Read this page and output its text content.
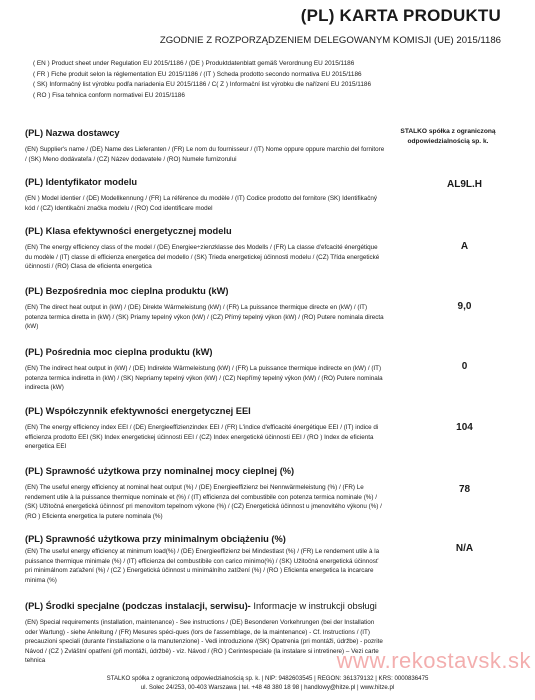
(PL) KARTA PRODUKTU
ZGODNIE Z ROZPORZĄDZENIEM DELEGOWANYM KOMISJI (UE) 2015/1186
( EN ) Product sheet under Regulation EU 2015/1186 / (DE ) Produktdatenblatt gemäß Verordnung EU 2015/1186
( FR ) Fiche produit selon la réglementation EU 2015/1186 / (IT ) Scheda prodotto secondo normativa EU 2015/1186
( SK) Informačný list výrobku podľa nariadenia EU 2015/1186 / C( Z ) Informační list výrobku dle nařízení EU 2015/1186
( RO ) Fisa tehnica conform normativei EU 2015/1186
STALKO spółka z ograniczoną odpowiedzialnością sp. k.
(PL) Nazwa dostawcy

(EN) Supplier's name / (DE) Name des Lieferanten / (FR) Le nom du fournisseur / (IT) Nome oppure oppure marchio del fornitore / (SK) Meno dodávateľa / (CZ) Název dodavatele / (RO) Numele furnizorului

(PL) Identyfikator modelu

(EN ) Model identier / (DE) Modellkennung / (FR) La référence du modèle / (IT) Codice prodotto del fornitore (SK) Identifikačný kód / (CZ) Identikační značka modelu / (RO) Cod identificare model

AL9L.H
(PL) Klasa efektywności energetycznej modelu

(EN) The energy efficiency class of the model / (DE) Energiee÷zienzklasse des Modells / (FR) La classe d'efcacité énergétique du modèle / (IT) classe di efficienza energetica del modello / (SK) Trieda energetickej účinnosti modelu / (CZ) Třída energetické účinnosti / (RO) Clasa de eficienta energetica

A
(PL) Bezpośrednia moc cieplna produktu (kW)

(EN) The direct heat output in (kW) / (DE) Direkte Wärmeleistung (kW) / (FR) La puissance thermique directe en (kW) / (IT) potenza termica diretta in (kW) / (SK) Priamy tepelný výkon (kW) / (CZ) Přímý tepelný výkon (kW) / (RO) Putere nominala directa (kW)

9,0
(PL) Pośrednia moc cieplna produktu (kW)

(EN) The indirect heat output in (kW) / (DE) Indirekte Wärmeleistung (kW) / (FR) La puissance thermique indirecte en (kW) / (IT) potenza termica indiretta in (kW) / (SK) Nepriamy tepelný výkon (kW) / (CZ) Nepřímý tepelný výkon (kW) / (RO) Putere nominala indirecta (kW)

0
(PL) Współczynnik efektywności energetycznej EEI

(EN) The energy efficiency index EEI / (DE) Energieeffizienzindex EEI / (FR) L'indice d'efficacité énergétique EEI / (IT) indice di efficienza prodotto EEI (SK) Index energetickej účinnosti EEI / (CZ) Index energetické účinnosti EEI / (RO ) Index de eficienta energetica EEI

104
(PL) Sprawność użytkowa przy nominalnej mocy cieplnej (%)

(EN) The useful energy efficiency at nominal heat output (%) / (DE) Energieeffizienz bei Nennwärmeleistung (%) / (FR) Le rendement utile à la puissance thermique nominale et (%) / (IT) efficienza del combustibile con potenza termica nominale (%) / (SK) Užitočná energetická účinnosť pri menovitom tepelnom výkone (%) / (CZ) Energetická účinnost u jmenovitého výkonu (%) / (RO ) Eficienta energetica la putere nominala (%)

78
(PL) Sprawność użytkowa przy minimalnym obciążeniu (%)

(EN) The useful energy efficiency at minimum load(%) / (DE) Energieeffizienz bei Mindestlast (%) / (FR) Le rendement utile à la puissance thermique minimale (%) / (IT) efficienza del combustibile con carico minimo(%) / (SK) Užitočná energetická účinnosť pri minimálnom zaťažení (%) / (CZ ) Energetická účinnost u minimálního zatížení (%) / (RO ) Eficienta energetica la incarcare minima (%)

N/A
(PL) Środki specjalne (podczas instalacji, serwisu)- Informacje w instrukcji obsługi

(EN) Special requirements (installation, maintenance) - See instructions / (DE) Besonderen Vorkehrungen (bei der Installation oder Wartung) - siehe Anleitung / (FR) Mesures spéci-ques (lors de l'assemblage, de la maintenance) - Cf. Instructions / (IT) precauzioni speciali (durante l'installazione o la manutenzione) - Vedi introduzione /(SK) Opatrenia (pri montáži, údržbe) - pozrite Návod / (CZ ) Zvláštní opatření (při montáži, údržbě) - viz. Návod / (RO ) Cerintespeciale (la instalare si intretinere) – Vezi carte tehnica	www.rekostavsk.sk
STALKO spółka z ograniczoną odpowiedzialnością sp. k. | NIP: 9482603545 | REGON: 361379132 | KRS: 0000836475
ul. Sołec 24/253, 00-403 Warszawa | tel. +48 48 380 18 98 | handlowy@hitze.pl | www.hitze.pl
